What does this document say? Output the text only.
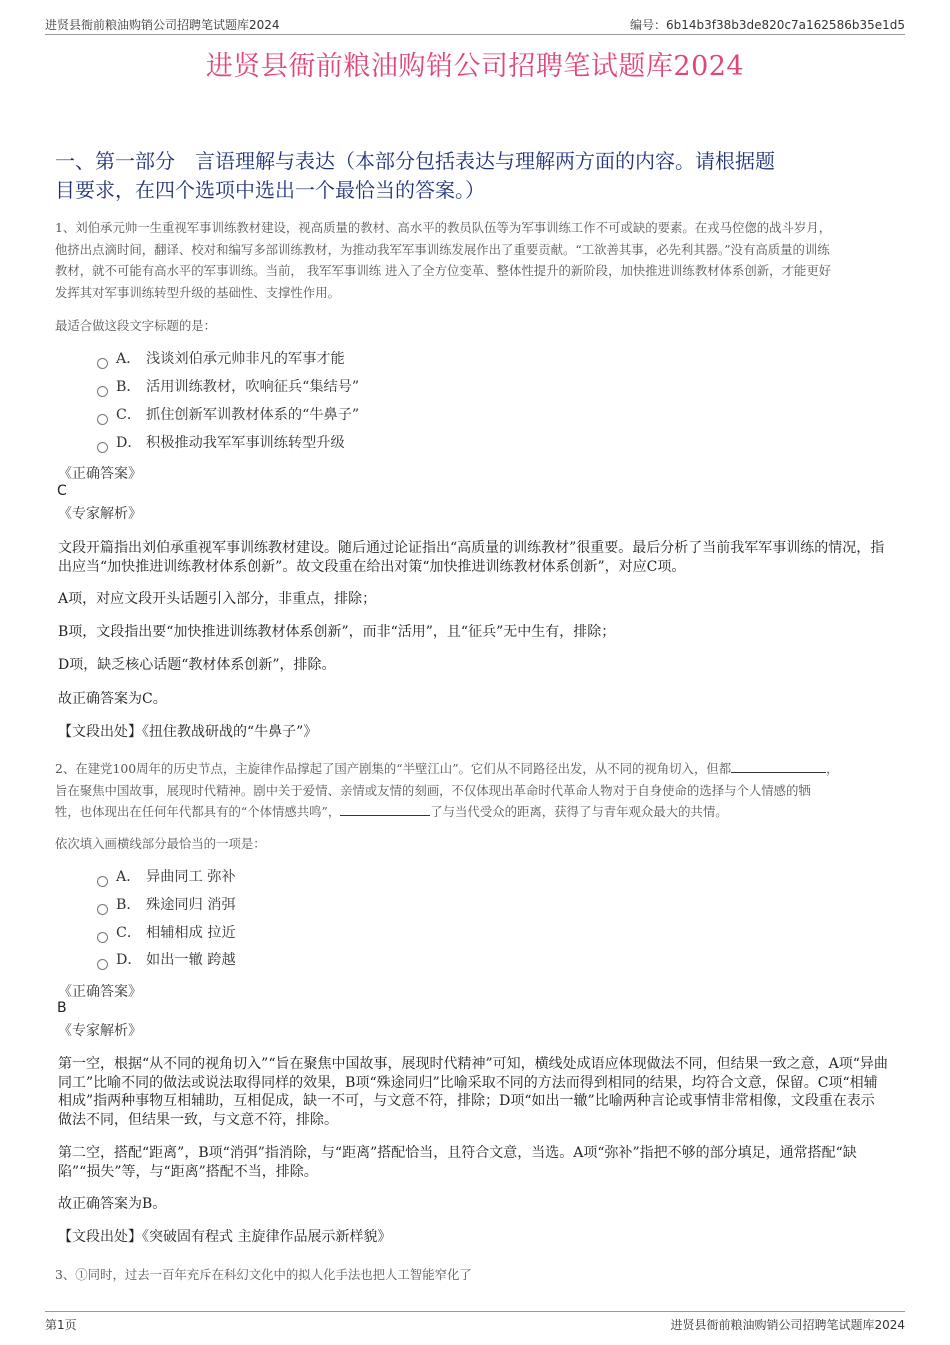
进贤县衙前粮油购销公司招聘笔试题库2024	编号：6b14b3f38b3de820c7a162586b35e1d5
进贤县衙前粮油购销公司招聘笔试题库2024
一、第一部分　言语理解与表达（本部分包括表达与理解两方面的内容。请根据题
目要求，在四个选项中选出一个最恰当的答案。）
1、刘伯承元帅一生重视军事训练教材建设，视高质量的教材、高水平的教员队伍等为军事训练工作不可或缺的要素。在戎马倥偬的战斗岁月，
他挤出点滴时间，翻译、校对和编写多部训练教材，为推动我军军事训练发展作出了重要贡献。“工欲善其事，必先利其器。”没有高质量的训练
教材，就不可能有高水平的军事训练。当前， 我军军事训练 进入了全方位变革、整体性提升的新阶段，加快推进训练教材体系创新，才能更好
发挥其对军事训练转型升级的基础性、支撑性作用。
最适合做这段文字标题的是：
A． 浅谈刘伯承元帅非凡的军事才能
B． 活用训练教材，吹响征兵“集结号”
C． 抓住创新军训教材体系的“牛鼻子”
D． 积极推动我军军事训练转型升级
《正确答案》
C
《专家解析》
文段开篇指出刘伯承重视军事训练教材建设。随后通过论证指出“高质量的训练教材”很重要。最后分析了当前我军军事训练的情况，指出应当“加快推进训练教材体系创新”。故文段重在给出对策“加快推进训练教材体系创新”，对应C项。
A项，对应文段开头话题引入部分，非重点，排除；
B项，文段指出要“加快推进训练教材体系创新”，而非“活用”，且“征兵”无中生有，排除；
D项，缺乏核心话题“教材体系创新”，排除。
故正确答案为C。
【文段出处】《扭住教战研战的“牛鼻子”》
2、在建党100周年的历史节点，主旋律作品撑起了国产剧集的“半壁江山”。它们从不同路径出发，从不同的视角切入，但都	，
旨在聚焦中国故事，展现时代精神。剧中关于爱情、亲情或友情的刻画，不仅体现出革命时代革命人物对于自身使命的选择与个人情感的牺
牲，也体现出在任何年代都具有的“个体情感共鸣”，	了与当代受众的距离，获得了与青年观众最大的共情。
依次填入画横线部分最恰当的一项是：
A． 异曲同工 弥补
B． 殊途同归 消弭
C． 相辅相成 拉近
D． 如出一辙 跨越
《正确答案》
B
《专家解析》
第一空，根据“从不同的视角切入”“旨在聚焦中国故事，展现时代精神”可知，横线处成语应体现做法不同，但结果一致之意，A项“异曲同工”比喻不同的做法或说法取得同样的效果，B项“殊途同归”比喻采取不同的方法而得到相同的结果，均符合文意，保留。C项“相辅相成”指两种事物互相辅助，互相促成，缺一不可，与文意不符，排除；D项“如出一辙”比喻两种言论或事情非常相像，文段重在表示做法不同，但结果一致，与文意不符，排除。
第二空，搭配“距离”，B项“消弭”指消除，与“距离”搭配恰当，且符合文意，当选。A项“弥补”指把不够的部分填足，通常搭配“缺陷”“损失”等，与“距离”搭配不当，排除。
故正确答案为B。
【文段出处】《突破固有程式 主旋律作品展示新样貌》
3、①同时，过去一百年充斥在科幻文化中的拟人化手法也把人工智能窄化了
第1页	进贤县衙前粮油购销公司招聘笔试题库2024
